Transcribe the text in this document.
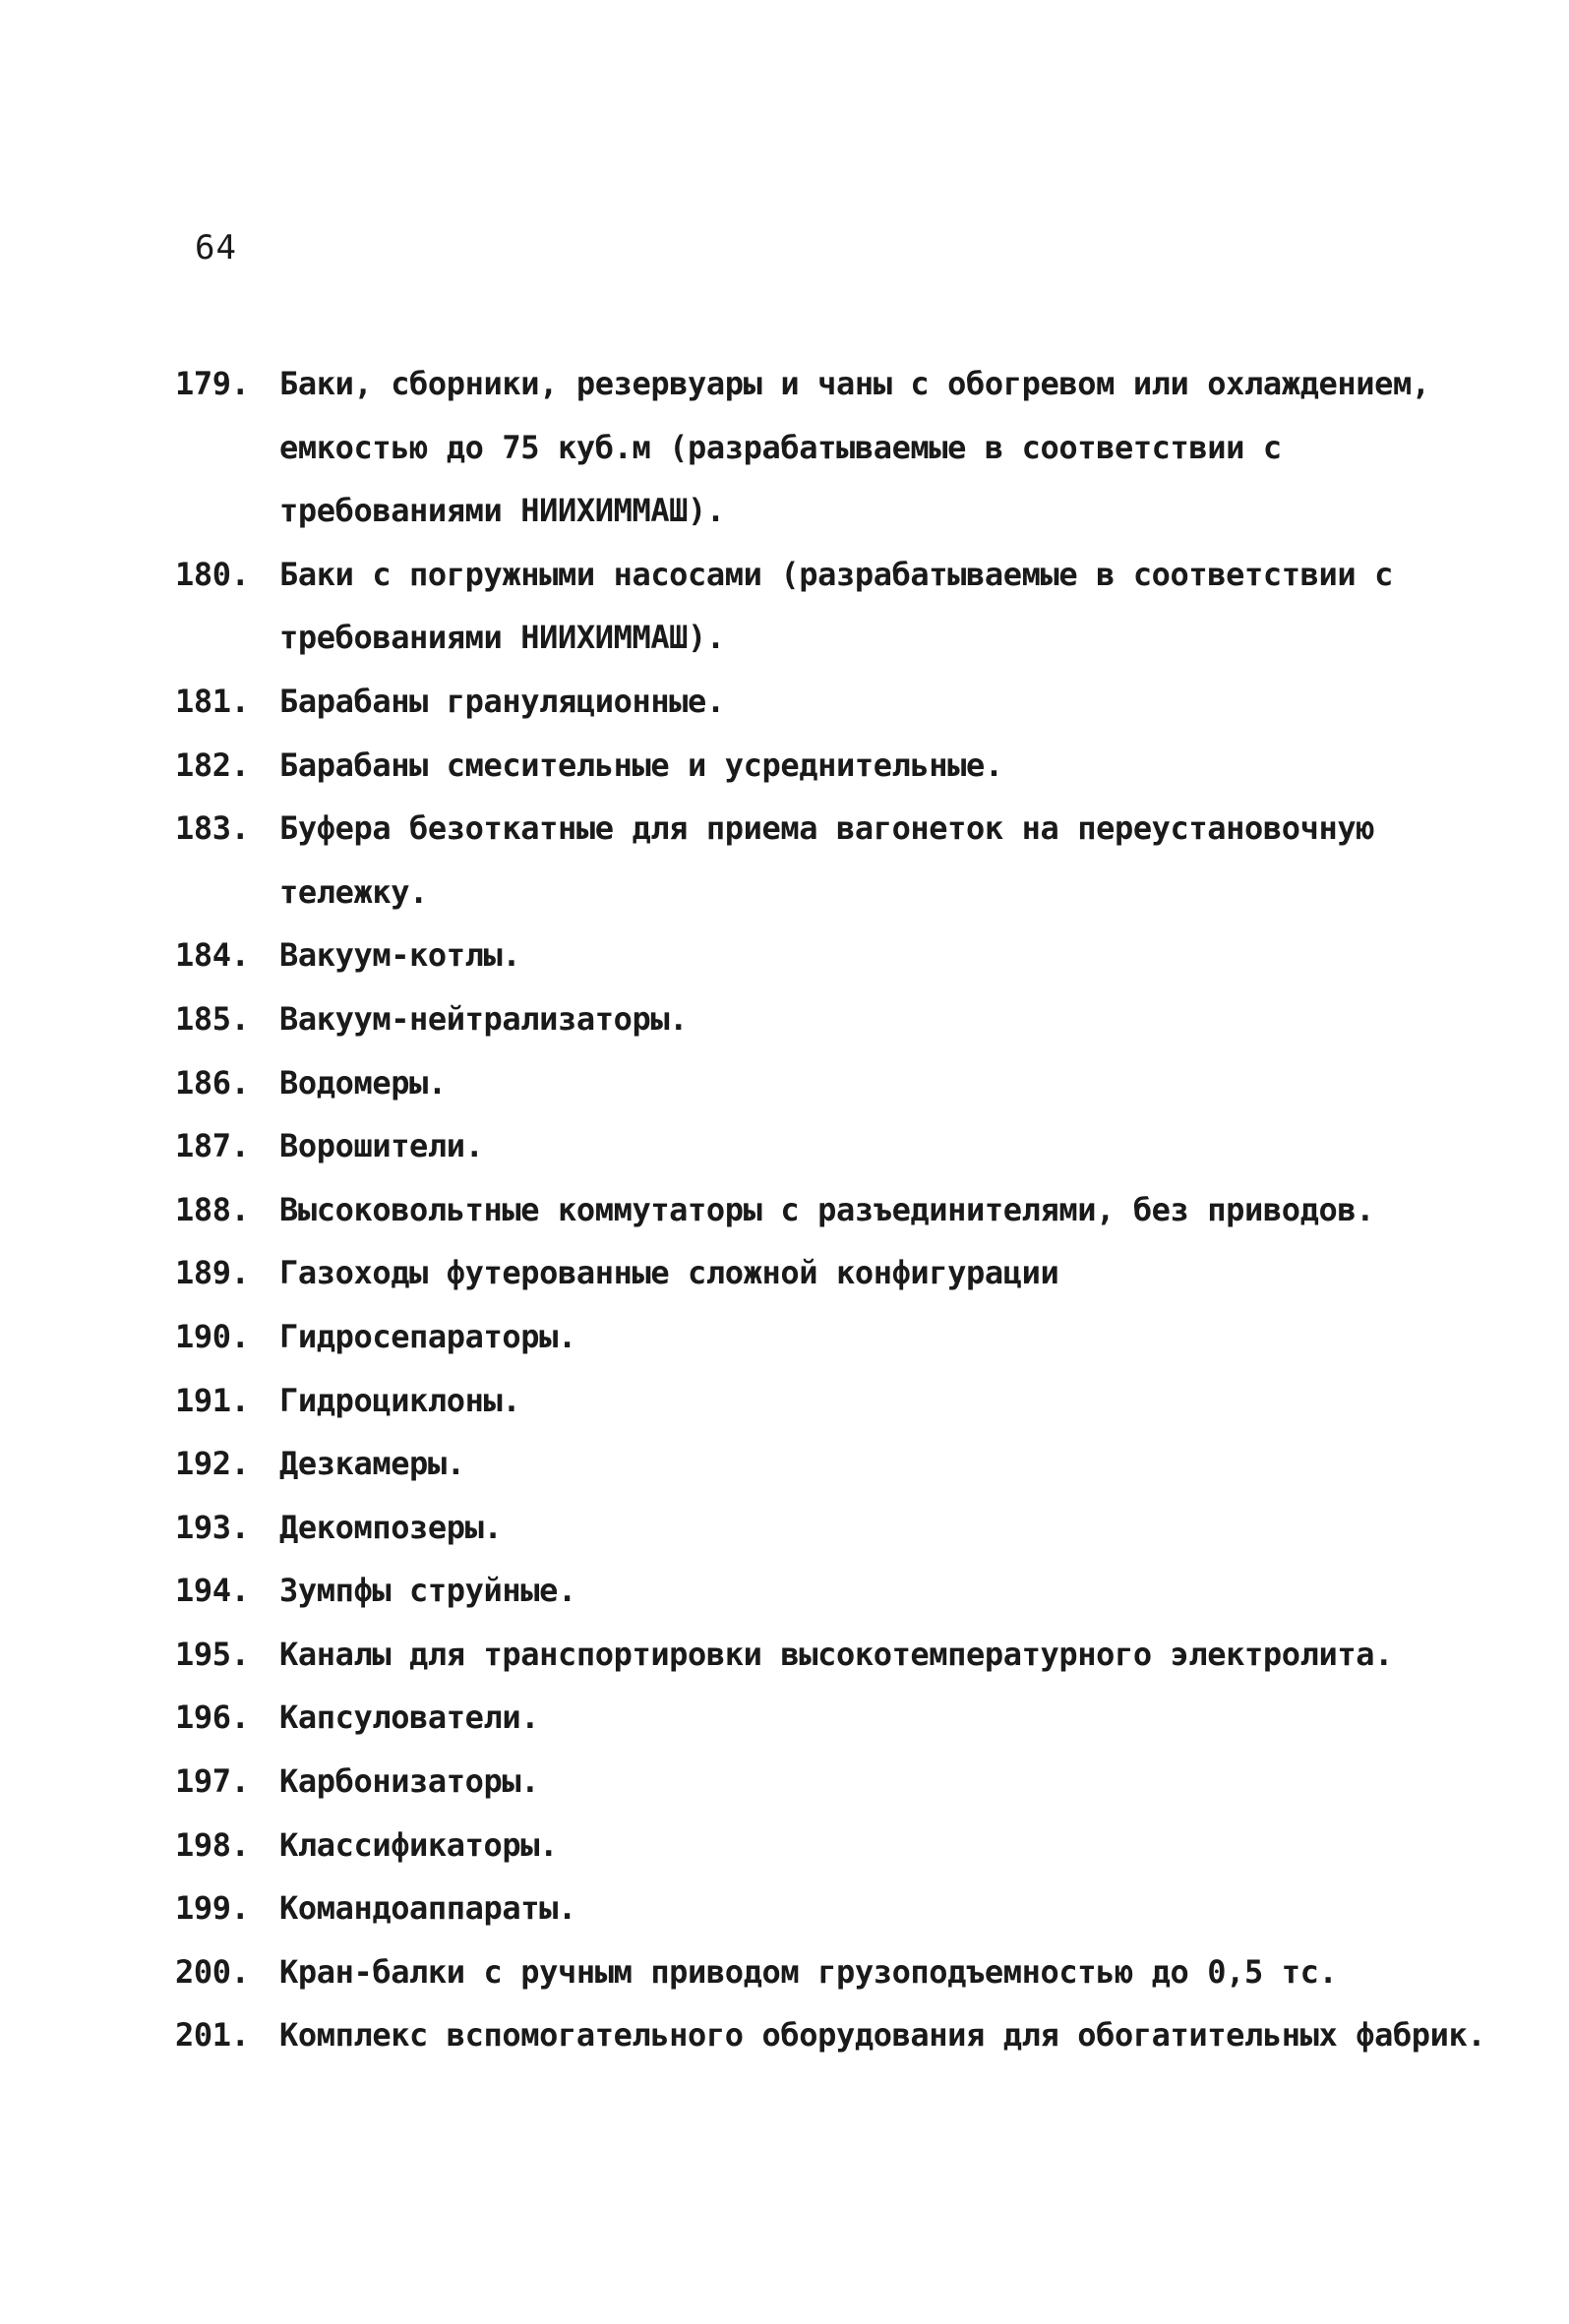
64
179. Баки, сборники, резервуары и чаны с обогревом или охлаждением, емкостью до 75 куб.м (разрабатываемые в соответствии с требованиями НИИХИММАШ).
180. Баки с погружными насосами (разрабатываемые в соответствии с требованиями НИИХИММАШ).
181. Барабаны грануляционные.
182. Барабаны смесительные и усреднительные.
183. Буфера безоткатные для приема вагонеток на переустановочную тележку.
184. Вакуум-котлы.
185. Вакуум-нейтрализаторы.
186. Водомеры.
187. Ворошители.
188. Высоковольтные коммутаторы с разъединителями, без приводов.
189. Газоходы футерованные сложной конфигурации
190. Гидросепараторы.
191. Гидроциклоны.
192. Дезкамеры.
193. Декомпозеры.
194. Зумпфы струйные.
195. Каналы для транспортировки высокотемпературного электролита.
196. Капсулователи.
197. Карбонизаторы.
198. Классификаторы.
199. Командоаппараты.
200. Кран-балки с ручным приводом грузоподъемностью до 0,5 тс.
201. Комплекс вспомогательного оборудования для обогатительных фабрик.
